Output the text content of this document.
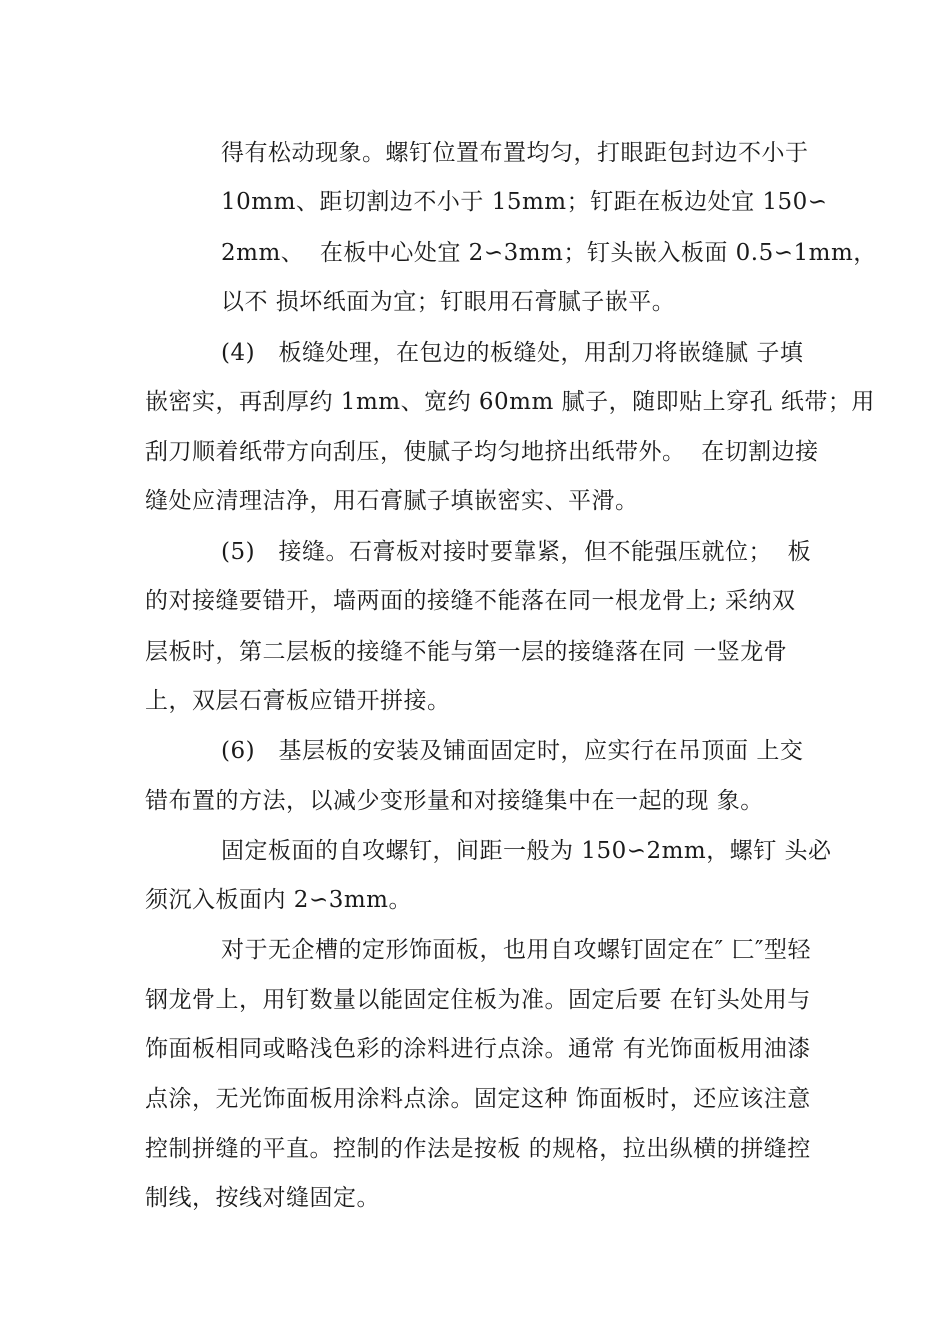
得有松动现象。螺钉位置布置均匀，打眼距包封边不小于
10mm、距切割边不小于 15mm；钉距在板边处宜 150∽
2mm、  在板中心处宜 2∽3mm；钉头嵌入板面 0.5∽1mm，
以不 损坏纸面为宜；钉眼用石膏腻子嵌平。
(4)   板缝处理，在包边的板缝处，用刮刀将嵌缝腻 子填
嵌密实，再刮厚约 1mm、宽约 60mm 腻子，随即贴上穿孔 纸带；用
刮刀顺着纸带方向刮压，使腻子均匀地挤出纸带外。  在切割边接
缝处应清理洁净，用石膏腻子填嵌密实、平滑。
(5)   接缝。石膏板对接时要靠紧，但不能强压就位；  板
的对接缝要错开，墙两面的接缝不能落在同一根龙骨上; 采纳双
层板时，第二层板的接缝不能与第一层的接缝落在同 一竖龙骨
上，双层石膏板应错开拼接。
(6)   基层板的安装及铺面固定时，应实行在吊顶面 上交
错布置的方法，以减少变形量和对接缝集中在一起的现 象。
固定板面的自攻螺钉，间距一般为 150∽2mm，螺钉 头必
须沉入板面内 2∽3mm。
对于无企槽的定形饰面板，也用自攻螺钉固定在″ 匚″型轻
钢龙骨上，用钉数量以能固定住板为准。固定后要 在钉头处用与
饰面板相同或略浅色彩的涂料进行点涂。通常 有光饰面板用油漆
点涂，无光饰面板用涂料点涂。固定这种 饰面板时，还应该注意
控制拼缝的平直。控制的作法是按板 的规格，拉出纵横的拼缝控
制线，按线对缝固定。
